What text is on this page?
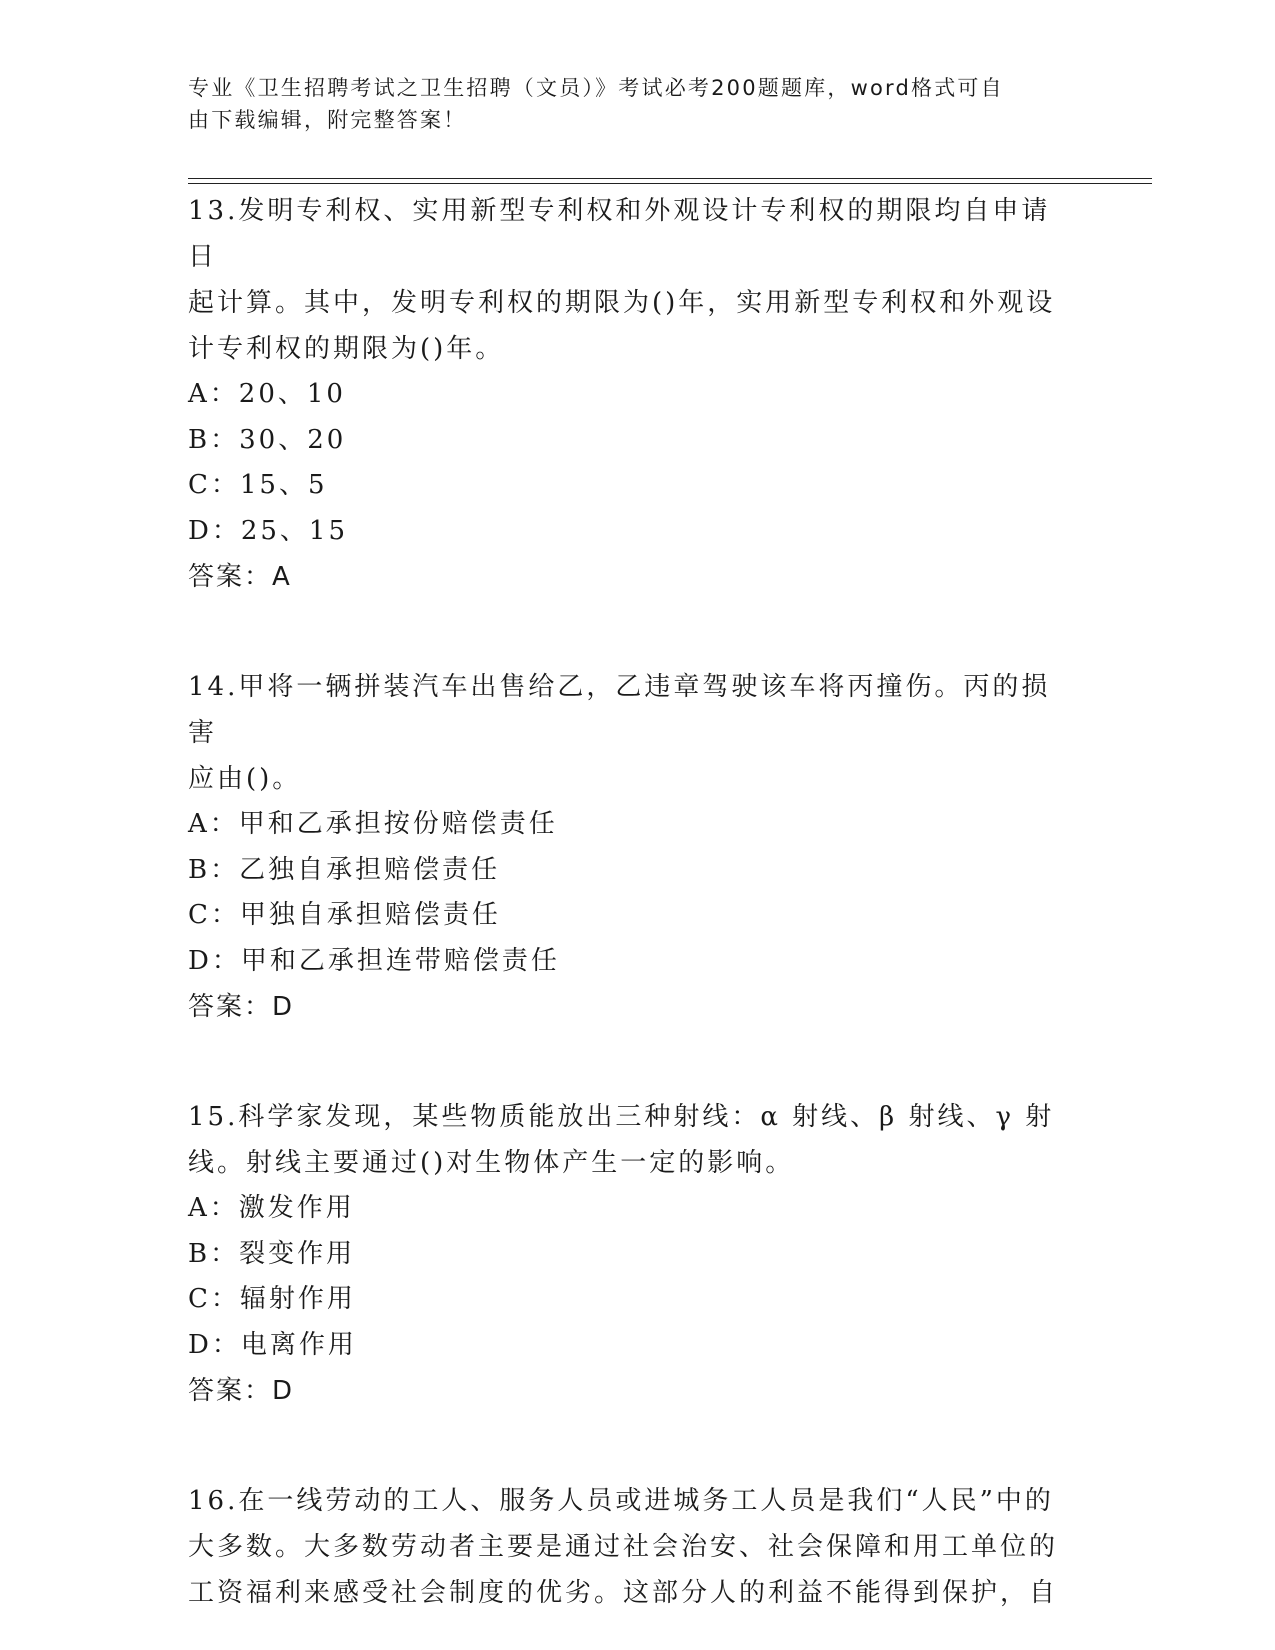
专业《卫生招聘考试之卫生招聘（文员）》考试必考200题题库，word格式可自
由下载编辑，附完整答案！
13.发明专利权、实用新型专利权和外观设计专利权的期限均自申请日
起计算。其中，发明专利权的期限为()年，实用新型专利权和外观设
计专利权的期限为()年。
A：20、10
B：30、20
C：15、5
D：25、15
答案：A
14.甲将一辆拼装汽车出售给乙，乙违章驾驶该车将丙撞伤。丙的损害
应由()。
A：甲和乙承担按份赔偿责任
B：乙独自承担赔偿责任
C：甲独自承担赔偿责任
D：甲和乙承担连带赔偿责任
答案：D
15.科学家发现，某些物质能放出三种射线：α 射线、β 射线、γ 射
线。射线主要通过()对生物体产生一定的影响。
A：激发作用
B：裂变作用
C：辐射作用
D：电离作用
答案：D
16.在一线劳动的工人、服务人员或进城务工人员是我们“人民”中的
大多数。大多数劳动者主要是通过社会治安、社会保障和用工单位的
工资福利来感受社会制度的优劣。这部分人的利益不能得到保护，自
